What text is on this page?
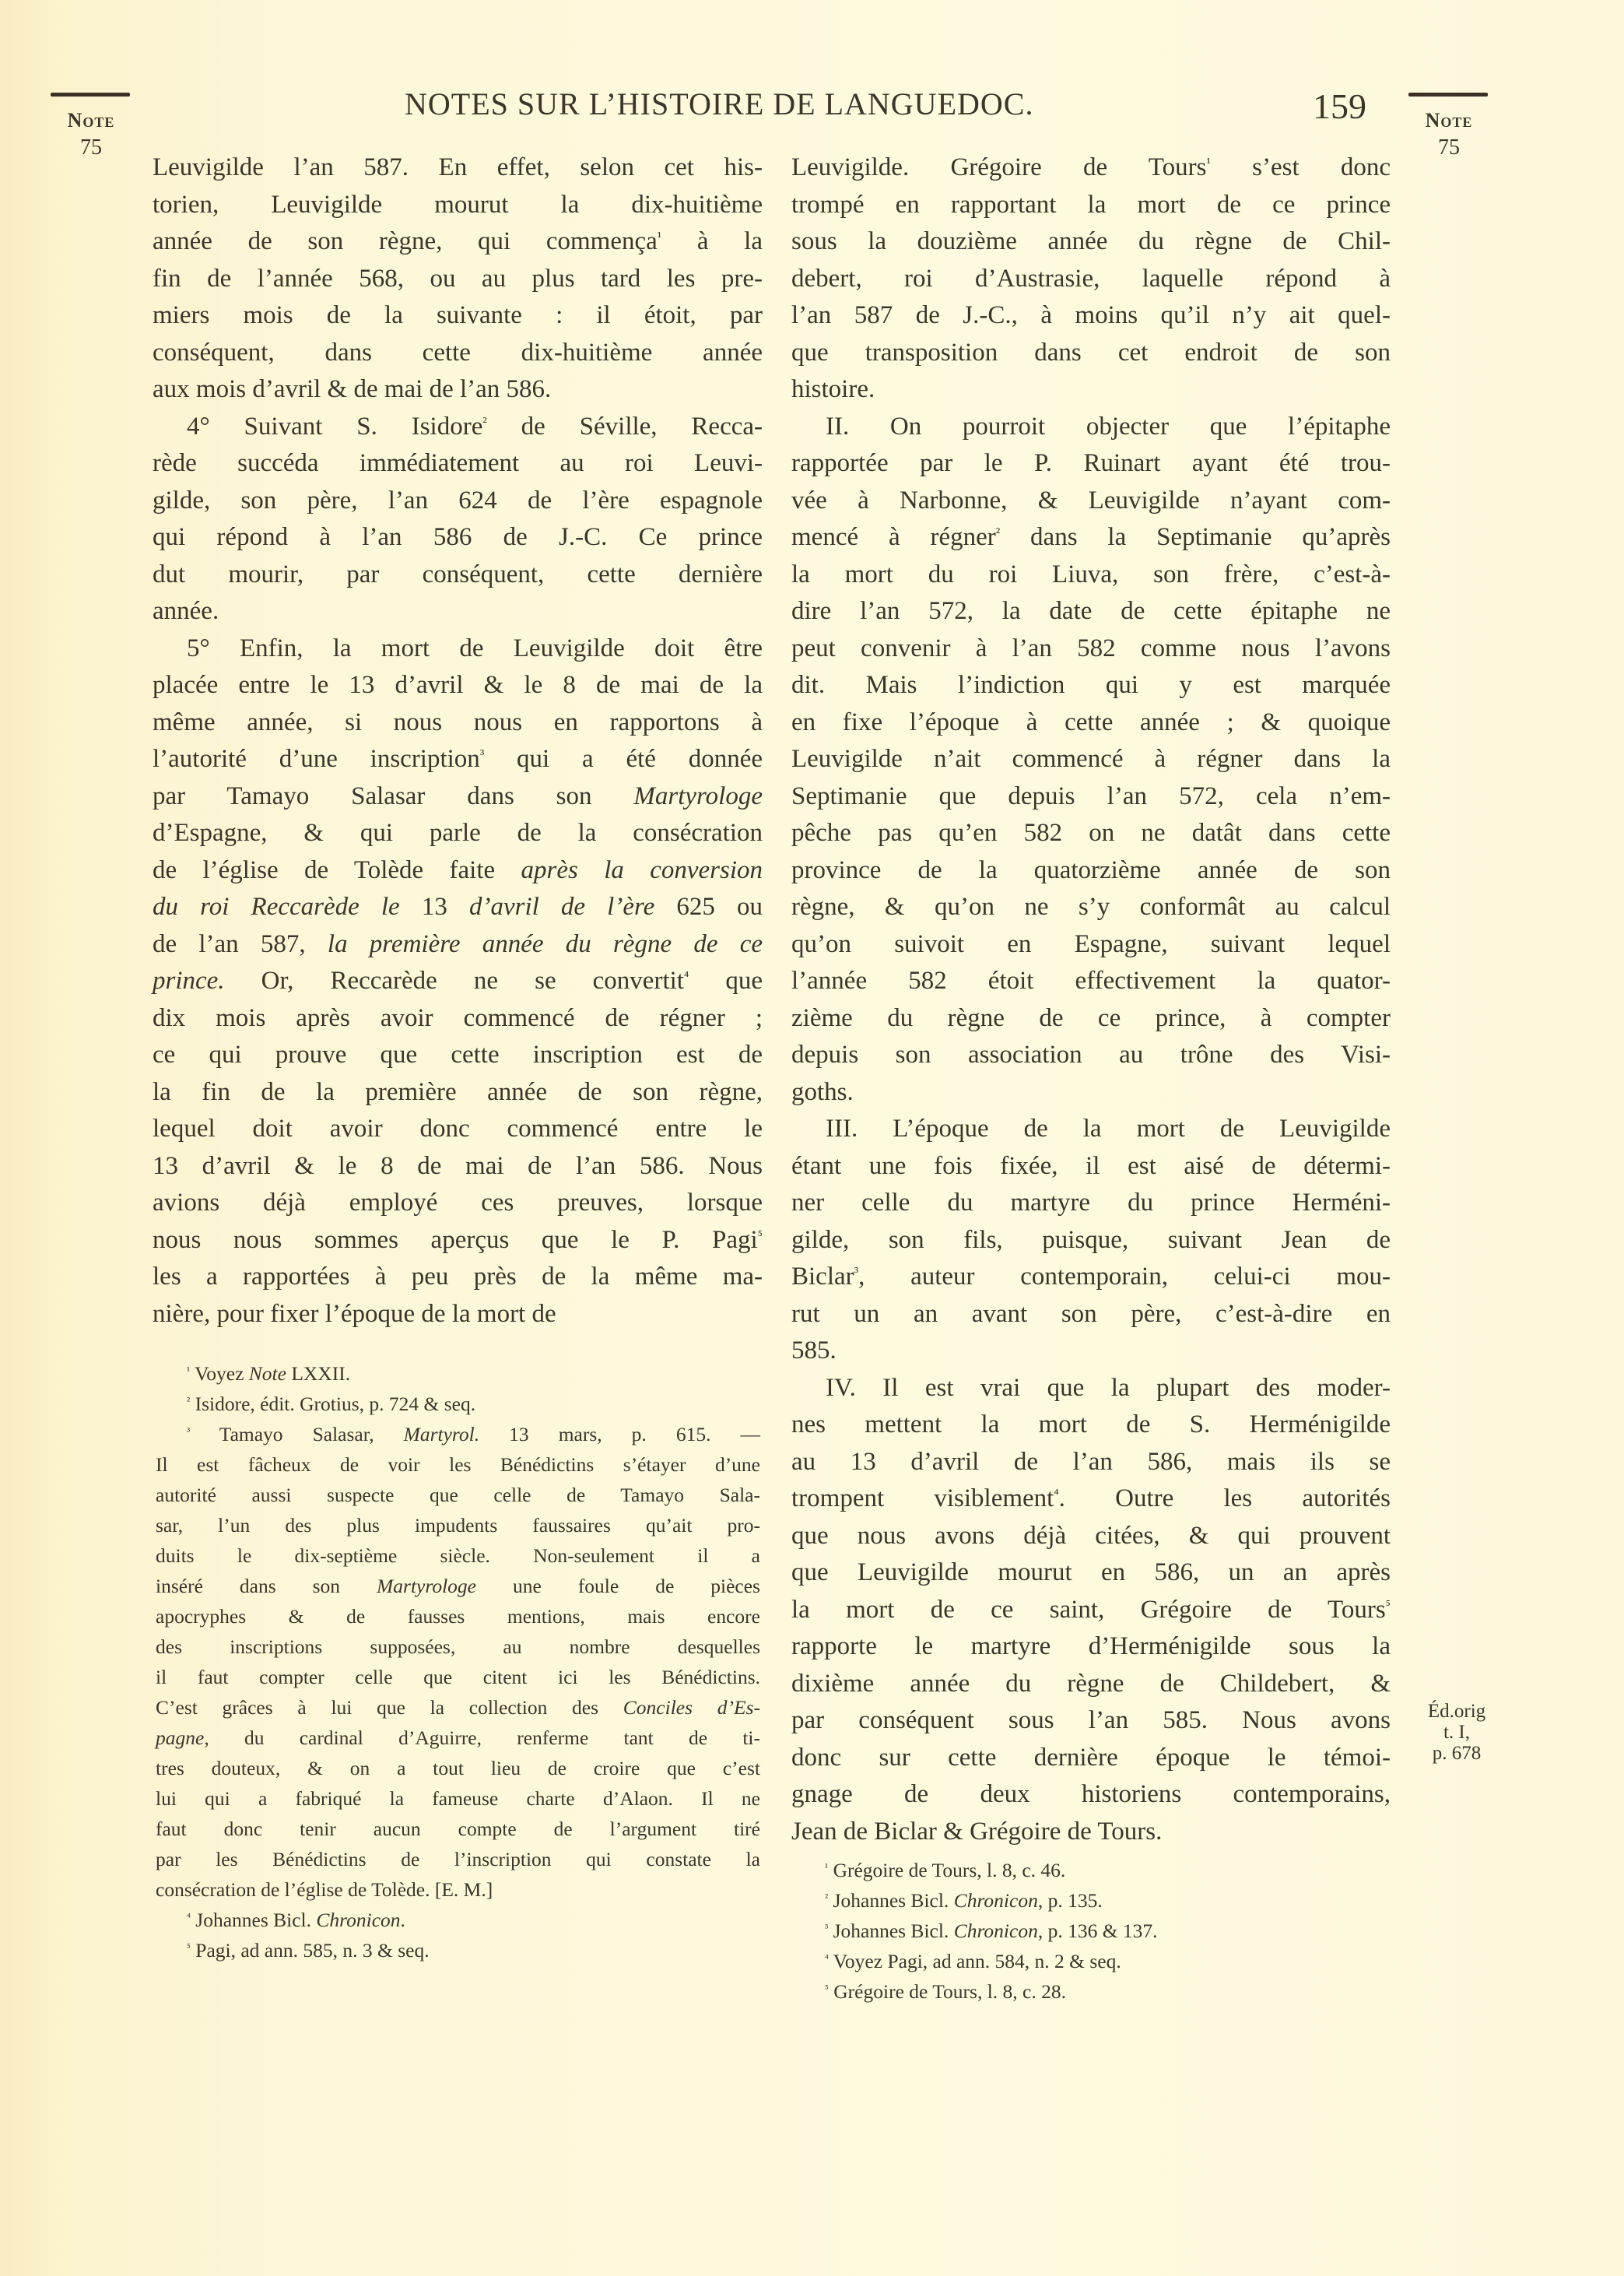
NOTES SUR L’HISTOIRE DE LANGUEDOC.	159
Note
75
Note
75
Leuvigilde l’an 587. En effet, selon cet his-
torien, Leuvigilde mourut la dix-huitième
année de son règne, qui commença$^{^1}$ à la
fin de l’année 568, ou au plus tard les pre-
miers mois de la suivante : il étoit, par
conséquent, dans cette dix-huitième année
aux mois d’avril & de mai de l’an 586.
4° Suivant S. Isidore$^{^2}$ de Séville, Recca-
rède succéda immédiatement au roi Leuvi-
gilde, son père, l’an 624 de l’ère espagnole
qui répond à l’an 586 de J.-C. Ce prince
dut mourir, par conséquent, cette dernière
année.
5° Enfin, la mort de Leuvigilde doit être
placée entre le 13 d’avril & le 8 de mai de la
même année, si nous nous en rapportons à
l’autorité d’une inscription$^{^3}$ qui a été donnée
par Tamayo Salasar dans son Martyrologe
d’Espagne, & qui parle de la consécration
de l’église de Tolède faite après la conversion
du roi Reccarède le 13 d’avril de l’ère 625 ou
de l’an 587, la première année du règne de ce
prince. Or, Reccarède ne se convertit$^{^4}$ que
dix mois après avoir commencé de régner ;
ce qui prouve que cette inscription est de
la fin de la première année de son règne,
lequel doit avoir donc commencé entre le
13 d’avril & le 8 de mai de l’an 586. Nous
avions déjà employé ces preuves, lorsque
nous nous sommes aperçus que le P. Pagi$^{^5}$
les a rapportées à peu près de la même ma-
nière, pour fixer l’époque de la mort de
Leuvigilde. Grégoire de Tours$^{^1}$ s’est donc
trompé en rapportant la mort de ce prince
sous la douzième année du règne de Chil-
debert, roi d’Austrasie, laquelle répond à
l’an 587 de J.-C., à moins qu’il n’y ait quel-
que transposition dans cet endroit de son
histoire.
II. On pourroit objecter que l’épitaphe
rapportée par le P. Ruinart ayant été trou-
vée à Narbonne, & Leuvigilde n’ayant com-
mencé à régner$^{^2}$ dans la Septimanie qu’après
la mort du roi Liuva, son frère, c’est-à-
dire l’an 572, la date de cette épitaphe ne
peut convenir à l’an 582 comme nous l’avons
dit. Mais l’indiction qui y est marquée
en fixe l’époque à cette année ; & quoique
Leuvigilde n’ait commencé à régner dans la
Septimanie que depuis l’an 572, cela n’em-
pêche pas qu’en 582 on ne datât dans cette
province de la quatorzième année de son
règne, & qu’on ne s’y conformât au calcul
qu’on suivoit en Espagne, suivant lequel
l’année 582 étoit effectivement la quator-
zième du règne de ce prince, à compter
depuis son association au trône des Visi-
goths.
III. L’époque de la mort de Leuvigilde
étant une fois fixée, il est aisé de détermi-
ner celle du martyre du prince Herméni-
gilde, son fils, puisque, suivant Jean de
Biclar$^{^3}$, auteur contemporain, celui-ci mou-
rut un an avant son père, c’est-à-dire en
585.
IV. Il est vrai que la plupart des moder-
nes mettent la mort de S. Herménigilde
au 13 d’avril de l’an 586, mais ils se
trompent visiblement$^{^4}$. Outre les autorités
que nous avons déjà citées, & qui prouvent
que Leuvigilde mourut en 586, un an après
la mort de ce saint, Grégoire de Tours$^{^5}$
rapporte le martyre d’Herménigilde sous la
dixième année du règne de Childebert, &
par conséquent sous l’an 585. Nous avons
donc sur cette dernière époque le témoi-
gnage de deux historiens contemporains,
Jean de Biclar & Grégoire de Tours.
$^{^1}$ Voyez Note LXXII.
$^{^2}$ Isidore, édit. Grotius, p. 724 & seq.
$^{^3}$ Tamayo Salasar, Martyrol. 13 mars, p. 615. —
Il est fâcheux de voir les Bénédictins s’étayer d’une
autorité aussi suspecte que celle de Tamayo Sala-
sar, l’un des plus impudents faussaires qu’ait pro-
duits le dix-septième siècle. Non-seulement il a
inséré dans son Martyrologe une foule de pièces
apocryphes & de fausses mentions, mais encore
des inscriptions supposées, au nombre desquelles
il faut compter celle que citent ici les Bénédictins.
C’est grâces à lui que la collection des Conciles d’Es-
pagne, du cardinal d’Aguirre, renferme tant de ti-
tres douteux, & on a tout lieu de croire que c’est
lui qui a fabriqué la fameuse charte d’Alaon. Il ne
faut donc tenir aucun compte de l’argument tiré
par les Bénédictins de l’inscription qui constate la
consécration de l’église de Tolède. [E. M.]
$^{^4}$ Johannes Bicl. Chronicon.
$^{^5}$ Pagi, ad ann. 585, n. 3 & seq.
$^{^1}$ Grégoire de Tours, l. 8, c. 46.
$^{^2}$ Johannes Bicl. Chronicon, p. 135.
$^{^3}$ Johannes Bicl. Chronicon, p. 136 & 137.
$^{^4}$ Voyez Pagi, ad ann. 584, n. 2 & seq.
$^{^5}$ Grégoire de Tours, l. 8, c. 28.
Éd.orig
t. I,
p. 678
